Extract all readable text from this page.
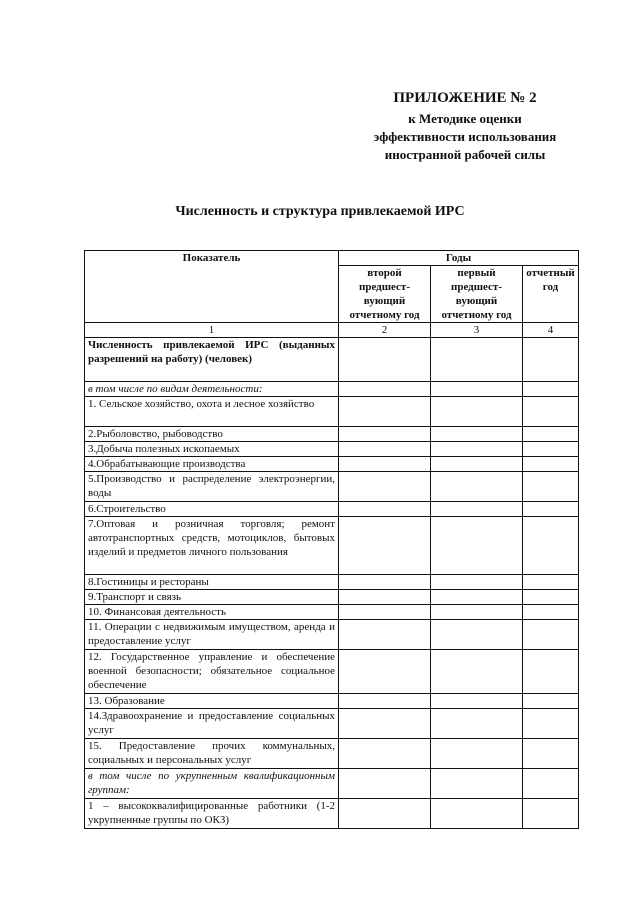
ПРИЛОЖЕНИЕ № 2
к Методике оценки
эффективности использования
иностранной рабочей силы
Численность и структура привлекаемой ИРС
Показатель	Годы		
	второй предшест-вующий отчетному год	первый предшест-вующий отчетному год	отчетный год
1	2	3	4
Численность привлекаемой ИРС (выданных разрешений на работу) (человек)			
в том числе по видам деятельности:			
1. Сельское хозяйство, охота и лесное хозяйство			
2.Рыболовство, рыбоводство			
3.Добыча полезных ископаемых			
4.Обрабатывающие производства			
5.Производство и распределение электроэнергии, воды			
6.Строительство			
7.Оптовая и розничная торговля; ремонт автотранспортных средств, мотоциклов, бытовых изделий и предметов личного пользования			
8.Гостиницы и рестораны			
9.Транспорт и связь			
10. Финансовая деятельность			
11. Операции с недвижимым имуществом, аренда и предоставление услуг			
12. Государственное управление и обеспечение военной безопасности; обязательное социальное обеспечение			
13. Образование			
14.Здравоохранение и предоставление социальных услуг			
15. Предоставление прочих коммунальных, социальных и персональных услуг			
в том числе по укрупненным квалификационным группам:			
1 – высококвалифицированные работники (1-2 укрупненные группы по ОКЗ)			
